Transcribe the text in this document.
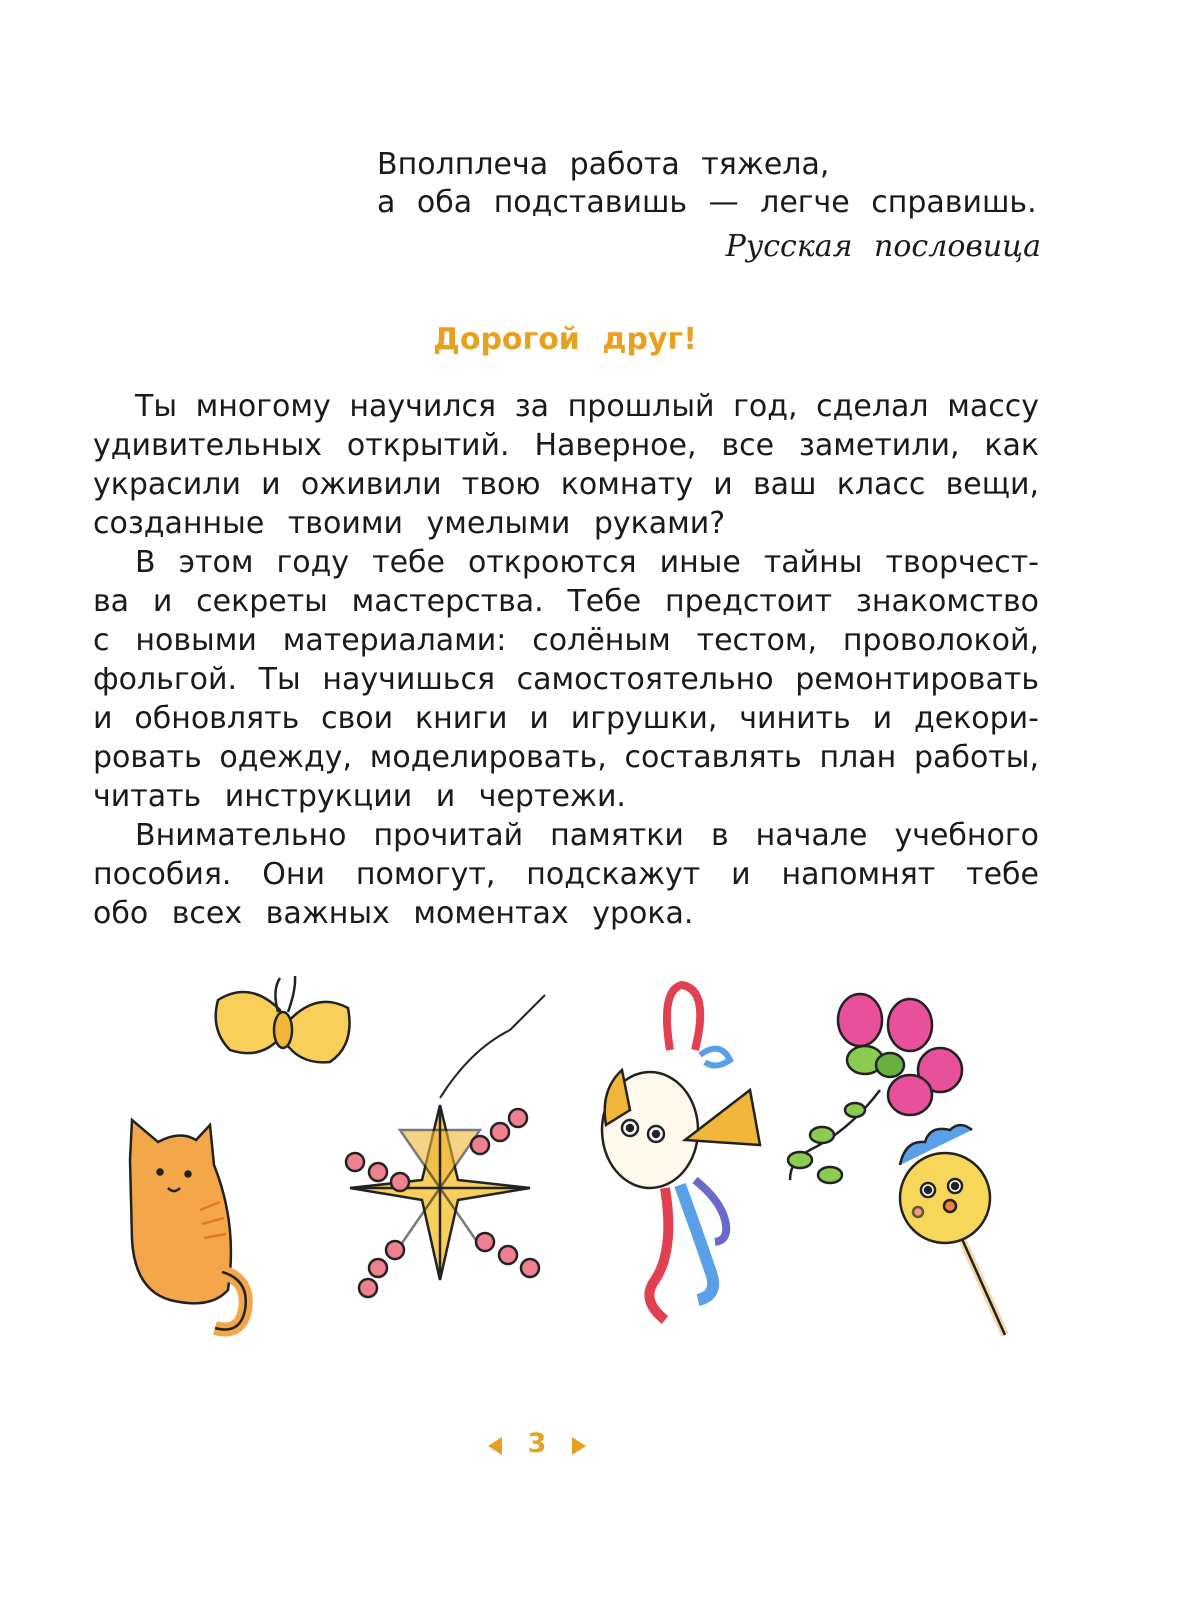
Вполплеча работа тяжела,
а оба подставишь — легче справишь.
Русская пословица
Дорогой друг!
Ты многому научился за прошлый год, сделал массу
удивительных открытий. Наверное, все заметили, как
украсили и оживили твою комнату и ваш класс вещи,
созданные твоими умелыми руками?
В этом году тебе откроются иные тайны творчест-
ва и секреты мастерства. Тебе предстоит знакомство
с новыми материалами: солёным тестом, проволокой,
фольгой. Ты научишься самостоятельно ремонтировать
и обновлять свои книги и игрушки, чинить и декори-
ровать одежду, моделировать, составлять план работы,
читать инструкции и чертежи.
Внимательно прочитай памятки в начале учебного
пособия. Они помогут, подскажут и напомнят тебе
обо всех важных моментах урока.
3
